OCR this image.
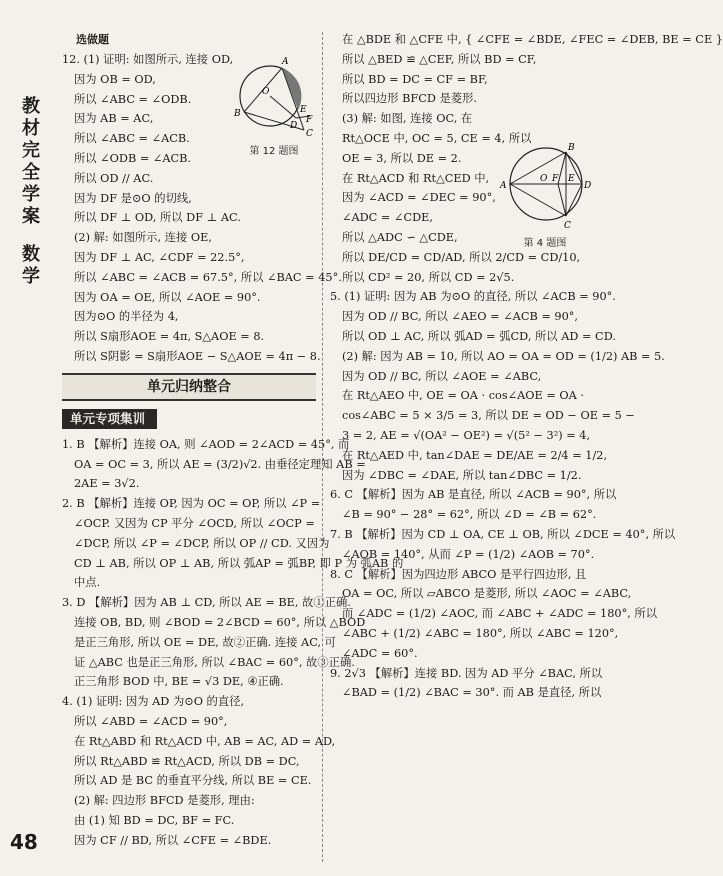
教
材
完
全
学
案
数
学
48
选做题
12. (1) 证明: 如图所示, 连接 OD,
因为 OB = OD,
所以 ∠ABC = ∠ODB.
因为 AB = AC,
所以 ∠ABC = ∠ACB.
所以 ∠ODB = ∠ACB.
所以 OD // AC.
因为 DF 是⊙O 的切线,
所以 DF ⊥ OD, 所以 DF ⊥ AC.
(2) 解: 如图所示, 连接 OE,
因为 DF ⊥ AC, ∠CDF = 22.5°,
所以 ∠ABC = ∠ACB = 67.5°, 所以 ∠BAC = 45°.
因为 OA = OE, 所以 ∠AOE = 90°.
因为⊙O 的半径为 4,
所以 S扇形AOE = 4π, S△AOE = 8.
所以 S阴影 = S扇形AOE − S△AOE = 4π − 8.
单元归纳整合
单元专项集训
1. B 【解析】连接 OA, 则 ∠AOD = 2∠ACD = 45°, 而
OA = OC = 3, 所以 AE = (3/2)√2. 由垂径定理知 AB =
2AE = 3√2.
2. B 【解析】连接 OP, 因为 OC = OP, 所以 ∠P =
∠OCP. 又因为 CP 平分 ∠OCD, 所以 ∠OCP =
∠DCP, 所以 ∠P = ∠DCP, 所以 OP // CD. 又因为
CD ⊥ AB, 所以 OP ⊥ AB, 所以 弧AP = 弧BP, 即 P 为 弧AB 的
中点.
3. D 【解析】因为 AB ⊥ CD, 所以 AE = BE, 故①正确.
连接 OB, BD, 则 ∠BOD = 2∠BCD = 60°, 所以 △BOD
是正三角形, 所以 OE = DE, 故②正确. 连接 AC, 可
证 △ABC 也是正三角形, 所以 ∠BAC = 60°, 故③正确.
正三角形 BOD 中, BE = √3 DE, ④正确.
4. (1) 证明: 因为 AD 为⊙O 的直径,
所以 ∠ABD = ∠ACD = 90°,
在 Rt△ABD 和 Rt△ACD 中, AB = AC, AD = AD,
所以 Rt△ABD ≌ Rt△ACD, 所以 DB = DC,
所以 AD 是 BC 的垂直平分线, 所以 BE = CE.
(2) 解: 四边形 BFCD 是菱形, 理由:
由 (1) 知 BD = DC, BF = FC.
因为 CF // BD, 所以 ∠CFE = ∠BDE.
在 △BDE 和 △CFE 中, { ∠CFE = ∠BDE, ∠FEC = ∠DEB, BE = CE }
所以 △BED ≌ △CEF, 所以 BD = CF,
所以 BD = DC = CF = BF,
所以四边形 BFCD 是菱形.
(3) 解: 如图, 连接 OC, 在
Rt△OCE 中, OC = 5, CE = 4, 所以
OE = 3, 所以 DE = 2.
在 Rt△ACD 和 Rt△CED 中,
因为 ∠ACD = ∠DEC = 90°,
∠ADC = ∠CDE,
所以 △ADC ∽ △CDE,
所以 DE/CD = CD/AD, 所以 2/CD = CD/10,
所以 CD² = 20, 所以 CD = 2√5.
5. (1) 证明: 因为 AB 为⊙O 的直径, 所以 ∠ACB = 90°.
因为 OD // BC, 所以 ∠AEO = ∠ACB = 90°,
所以 OD ⊥ AC, 所以 弧AD = 弧CD, 所以 AD = CD.
(2) 解: 因为 AB = 10, 所以 AO = OA = OD = (1/2) AB = 5.
因为 OD // BC, 所以 ∠AOE = ∠ABC,
在 Rt△AEO 中, OE = OA · cos∠AOE = OA ·
cos∠ABC = 5 × 3/5 = 3, 所以 DE = OD − OE = 5 −
3 = 2, AE = √(OA² − OE²) = √(5² − 3²) = 4,
在 Rt△AED 中, tan∠DAE = DE/AE = 2/4 = 1/2,
因为 ∠DBC = ∠DAE, 所以 tan∠DBC = 1/2.
6. C 【解析】因为 AB 是直径, 所以 ∠ACB = 90°, 所以
∠B = 90° − 28° = 62°, 所以 ∠D = ∠B = 62°.
7. B 【解析】因为 CD ⊥ OA, CE ⊥ OB, 所以 ∠DCE = 40°, 所以
∠AOB = 140°, 从而 ∠P = (1/2) ∠AOB = 70°.
8. C 【解析】因为四边形 ABCO 是平行四边形, 且
OA = OC, 所以 ▱ABCO 是菱形, 所以 ∠AOC = ∠ABC,
而 ∠ADC = (1/2) ∠AOC, 而 ∠ABC + ∠ADC = 180°, 所以
∠ABC + (1/2) ∠ABC = 180°, 所以 ∠ABC = 120°,
∠ADC = 60°.
9. 2√3 【解析】连接 BD. 因为 AD 平分 ∠BAC, 所以
∠BAD = (1/2) ∠BAC = 30°. 而 AB 是直径, 所以
A
O
B
D
E
F
C
第 12 题图	B
A
O F E
D
C
第 4 题图
